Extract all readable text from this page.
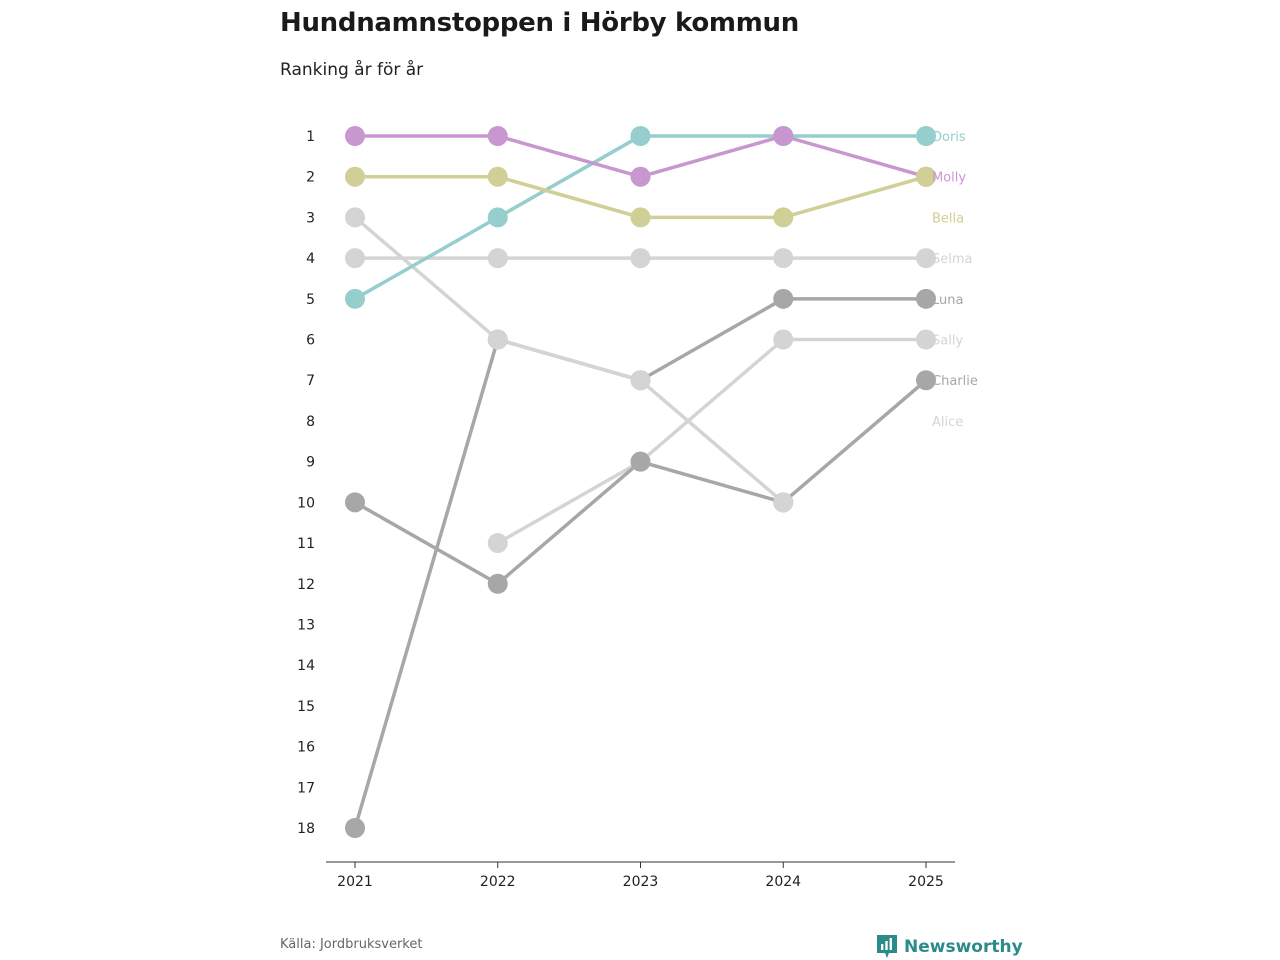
Hundnamnstoppen i Hörby kommun
Ranking år för år
2021	2022	2023	2024	2025
1
2
3
4
5
6
7
8
9
10
11
12
13
14
15
16
17
18
Doris
Molly
Bella
Selma
Luna
Sally
Charlie
Alice
Källa: Jordbruksverket	Newsworthy
